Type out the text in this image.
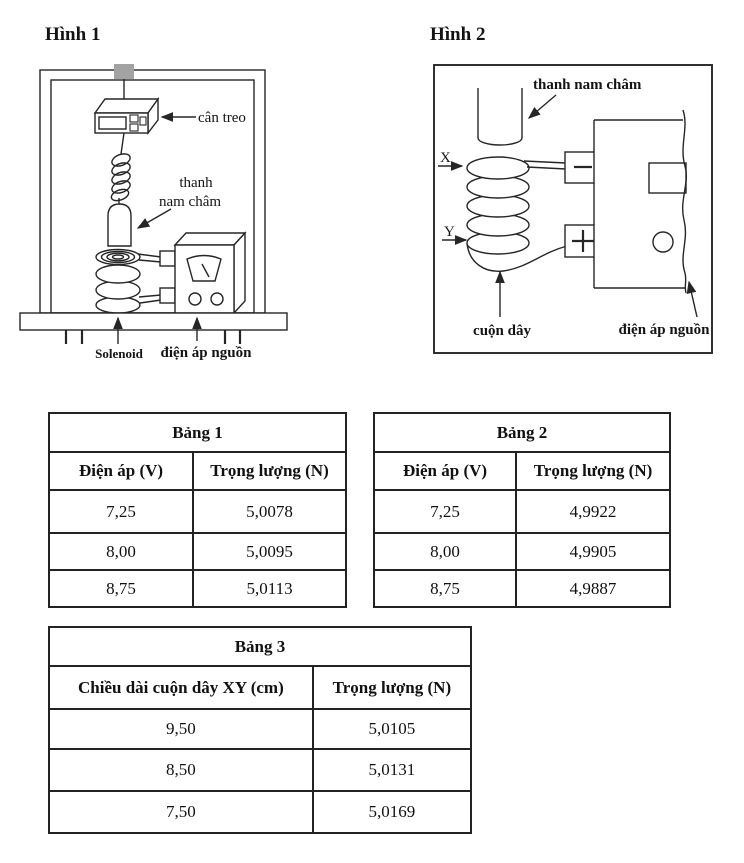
Hình 1
cân treo
thanh
nam châm
Solenoid điện áp nguồn
Hình 2
thanh nam châm
X
Y
cuộn dây	điện áp nguồn
Bảng 1	
Điện áp (V)	Trọng lượng (N)
7,25	5,0078
8,00	5,0095
8,75	5,0113
Bảng 2	
Điện áp (V)	Trọng lượng (N)
7,25	4,9922
8,00	4,9905
8,75	4,9887
Bảng 3	
Chiều dài cuộn dây XY (cm)	Trọng lượng (N)
9,50	5,0105
8,50	5,0131
7,50	5,0169
